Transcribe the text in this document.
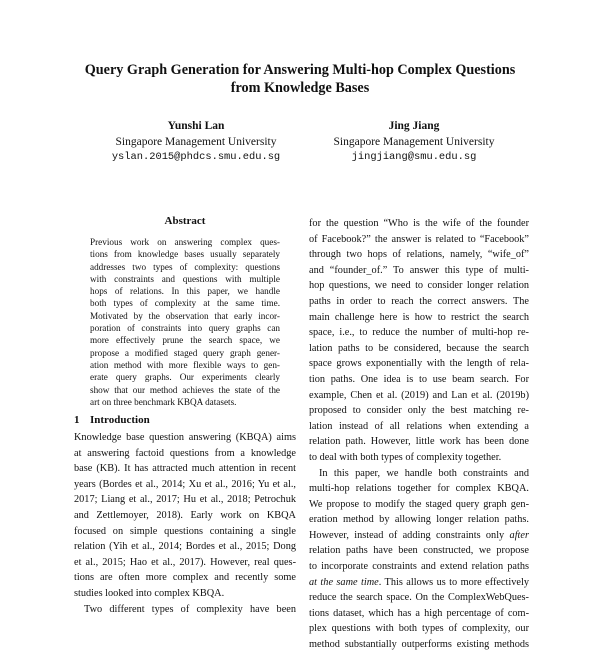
Query Graph Generation for Answering Multi-hop Complex Questions
from Knowledge Bases
Yunshi Lan
Singapore Management University
yslan.2015@phdcs.smu.edu.sg
Jing Jiang
Singapore Management University
jingjiang@smu.edu.sg
Abstract
Previous work on answering complex ques-
tions from knowledge bases usually separately
addresses two types of complexity: questions
with constraints and questions with multiple
hops of relations. In this paper, we handle
both types of complexity at the same time.
Motivated by the observation that early incor-
poration of constraints into query graphs can
more effectively prune the search space, we
propose a modified staged query graph gener-
ation method with more flexible ways to gen-
erate query graphs. Our experiments clearly
show that our method achieves the state of the
art on three benchmark KBQA datasets.
1 Introduction
Knowledge base question answering (KBQA) aims
at answering factoid questions from a knowledge
base (KB). It has attracted much attention in recent
years (Bordes et al., 2014; Xu et al., 2016; Yu et al.,
2017; Liang et al., 2017; Hu et al., 2018; Petrochuk
and Zettlemoyer, 2018). Early work on KBQA
focused on simple questions containing a single
relation (Yih et al., 2014; Bordes et al., 2015; Dong
et al., 2015; Hao et al., 2017). However, real ques-
tions are often more complex and recently some
studies looked into complex KBQA.
Two different types of complexity have been
for the question “Who is the wife of the founder
of Facebook?” the answer is related to “Facebook”
through two hops of relations, namely, “wife_of”
and “founder_of.” To answer this type of multi-
hop questions, we need to consider longer relation
paths in order to reach the correct answers. The
main challenge here is how to restrict the search
space, i.e., to reduce the number of multi-hop re-
lation paths to be considered, because the search
space grows exponentially with the length of rela-
tion paths. One idea is to use beam search. For
example, Chen et al. (2019) and Lan et al. (2019b)
proposed to consider only the best matching re-
lation instead of all relations when extending a
relation path. However, little work has been done
to deal with both types of complexity together.
In this paper, we handle both constraints and
multi-hop relations together for complex KBQA.
We propose to modify the staged query graph gen-
eration method by allowing longer relation paths.
However, instead of adding constraints only after
relation paths have been constructed, we propose
to incorporate constraints and extend relation paths
at the same time. This allows us to more effectively
reduce the search space. On the ComplexWebQues-
tions dataset, which has a high percentage of com-
plex questions with both types of complexity, our
method substantially outperforms existing methods
